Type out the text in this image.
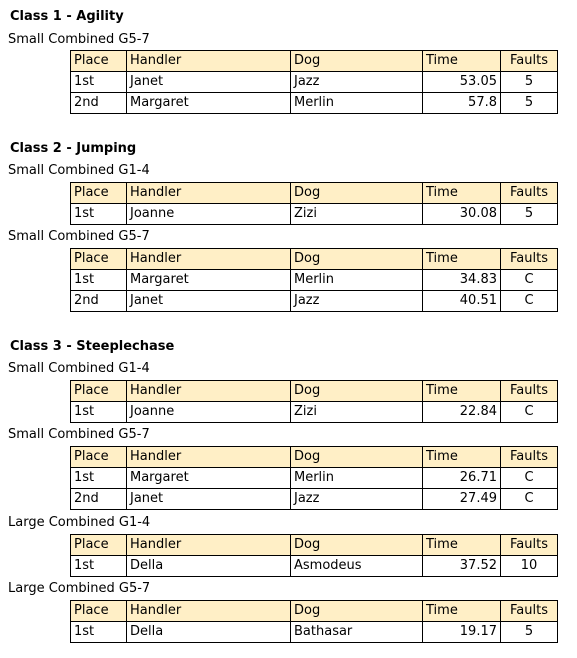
Class 1 - Agility
Small Combined G5-7
Place	Handler	Dog	Time	Faults
1st	Janet	Jazz	53.05	5
2nd	Margaret	Merlin	57.8	5
Class 2 - Jumping
Small Combined G1-4
Place	Handler	Dog	Time	Faults
1st	Joanne	Zizi	30.08	5
Small Combined G5-7
Place	Handler	Dog	Time	Faults
1st	Margaret	Merlin	34.83	C
2nd	Janet	Jazz	40.51	C
Class 3 - Steeplechase
Small Combined G1-4
Place	Handler	Dog	Time	Faults
1st	Joanne	Zizi	22.84	C
Small Combined G5-7
Place	Handler	Dog	Time	Faults
1st	Margaret	Merlin	26.71	C
2nd	Janet	Jazz	27.49	C
Large Combined G1-4
Place	Handler	Dog	Time	Faults
1st	Della	Asmodeus	37.52	10
Large Combined G5-7
Place	Handler	Dog	Time	Faults
1st	Della	Bathasar	19.17	5
